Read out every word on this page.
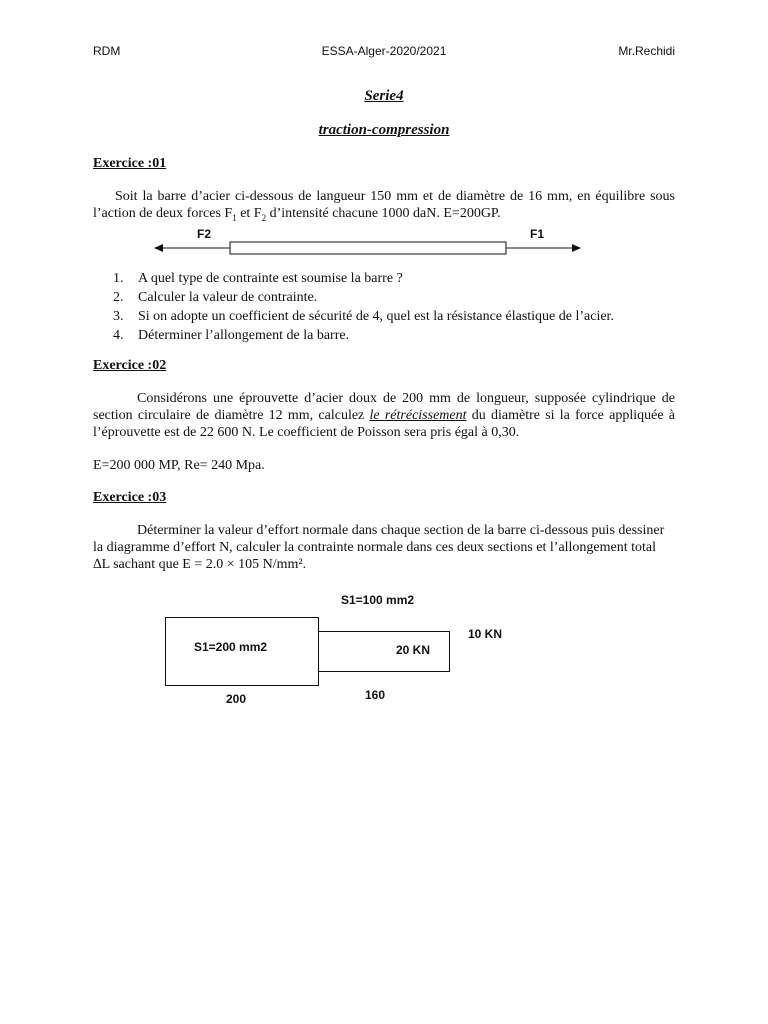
RDM	ESSA-Alger-2020/2021	Mr.Rechidi
Serie4
traction-compression
Exercice :01
Soit la barre d’acier ci-dessous de langueur 150 mm et de diamètre de 16 mm, en équilibre sous l’action de deux forces $F_1$ et $F_2$ d’intensité chacune 1000 daN. E=200GP.
F2	F1
1. A quel type de contrainte est soumise la barre ?
2. Calculer la valeur de contrainte.
3. Si on adopte un coefficient de sécurité de 4, quel est la résistance élastique de l’acier.
4. Déterminer l’allongement de la barre.
Exercice :02
Considérons une éprouvette d’acier doux de 200 mm de longueur, supposée cylindrique de section circulaire de diamètre 12 mm, calculez le rétrécissement du diamètre si la force appliquée à l’éprouvette est de 22 600 N. Le coefficient de Poisson sera pris égal à 0,30.
E=200 000 MP, Re= 240 Mpa.
Exercice :03
Déterminer la valeur d’effort normale dans chaque section de la barre ci-dessous puis dessiner la diagramme d’effort N, calculer la contrainte normale dans ces deux sections et l’allongement total ∆L sachant que E = 2.0 × 105 N/mm².
S1=100 mm2
S1=200 mm2	20 KN
10 KN
200	160
